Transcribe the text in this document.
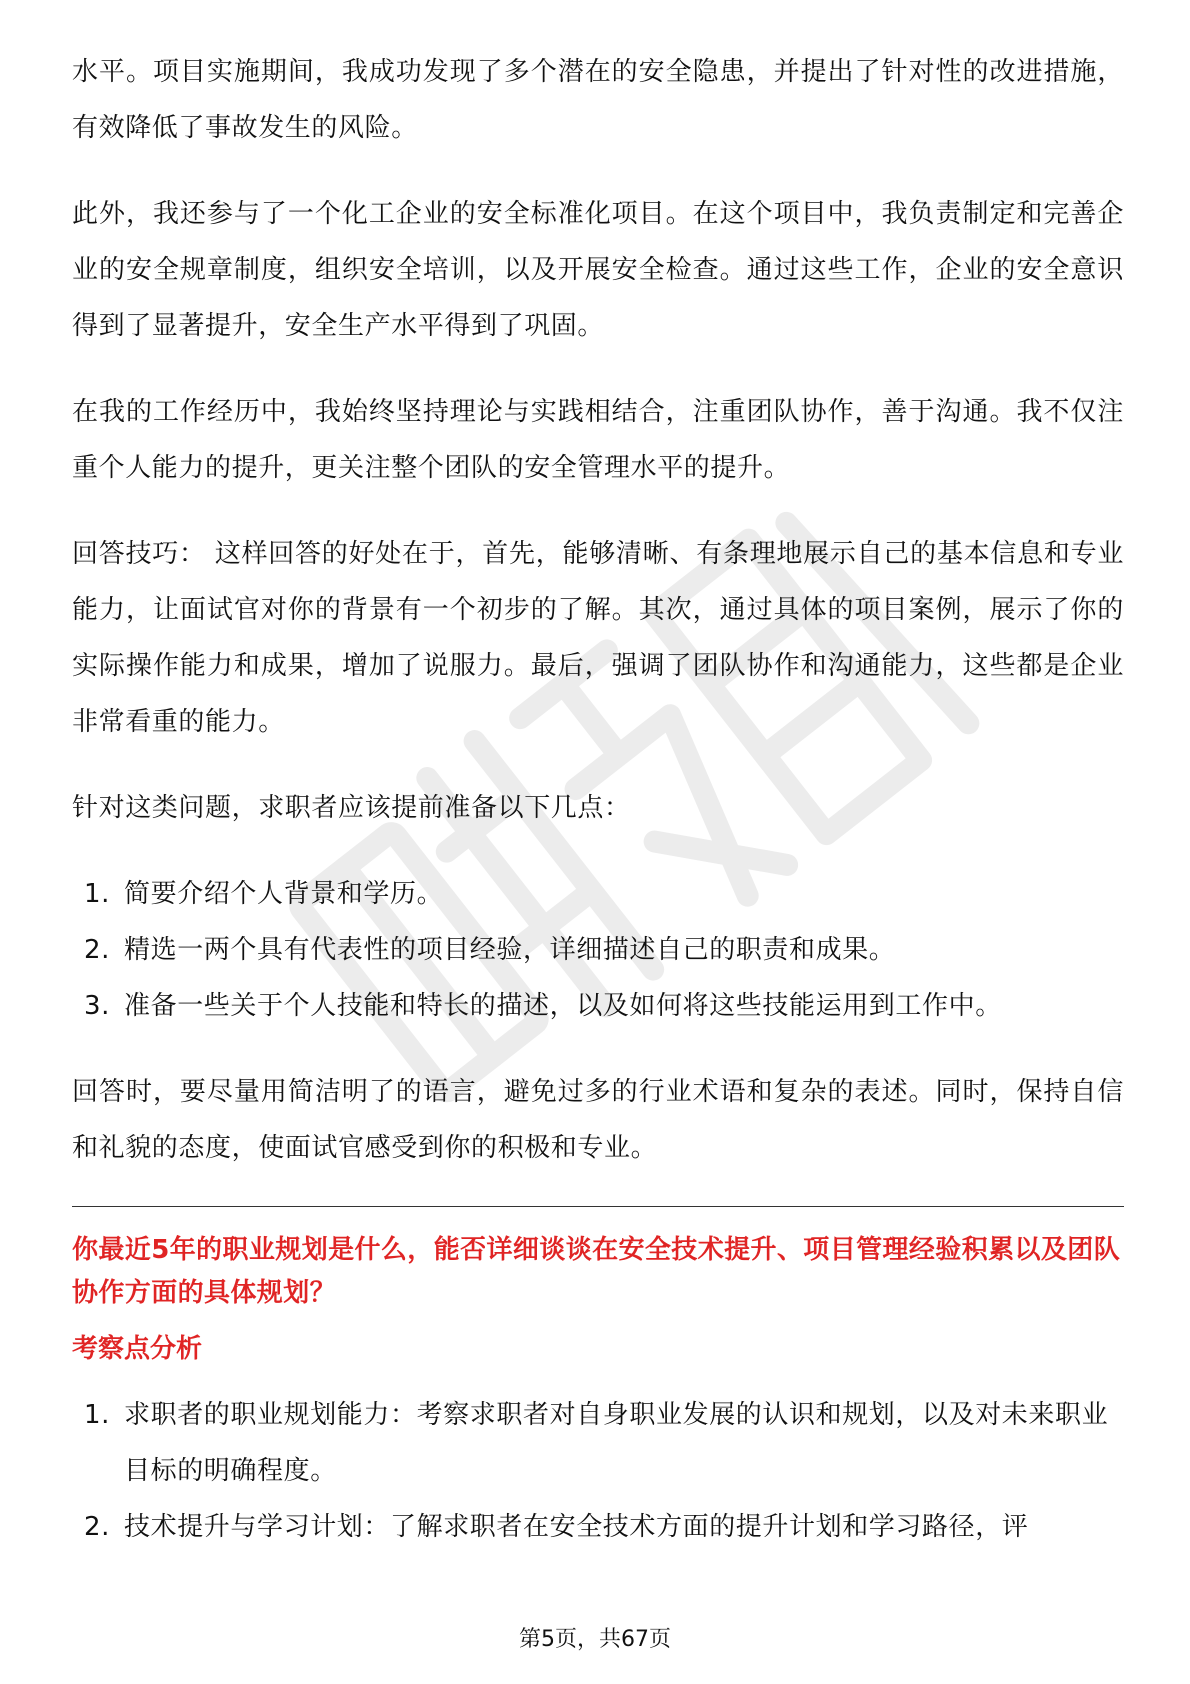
水平。项目实施期间，我成功发现了多个潜在的安全隐患，并提出了针对性的改进措施，有效降低了事故发生的风险。

此外，我还参与了一个化工企业的安全标准化项目。在这个项目中，我负责制定和完善企业的安全规章制度，组织安全培训，以及开展安全检查。通过这些工作，企业的安全意识得到了显著提升，安全生产水平得到了巩固。

在我的工作经历中，我始终坚持理论与实践相结合，注重团队协作，善于沟通。我不仅注重个人能力的提升，更关注整个团队的安全管理水平的提升。

回答技巧： 这样回答的好处在于，首先，能够清晰、有条理地展示自己的基本信息和专业能力，让面试官对你的背景有一个初步的了解。其次，通过具体的项目案例，展示了你的实际操作能力和成果，增加了说服力。最后，强调了团队协作和沟通能力，这些都是企业非常看重的能力。

针对这类问题，求职者应该提前准备以下几点：

1. 简要介绍个人背景和学历。
2. 精选一两个具有代表性的项目经验，详细描述自己的职责和成果。
3. 准备一些关于个人技能和特长的描述，以及如何将这些技能运用到工作中。

回答时，要尽量用简洁明了的语言，避免过多的行业术语和复杂的表述。同时，保持自信和礼貌的态度，使面试官感受到你的积极和专业。

你最近5年的职业规划是什么，能否详细谈谈在安全技术提升、项目管理经验积累以及团队协作方面的具体规划？
考察点分析
1. 求职者的职业规划能力：考察求职者对自身职业发展的认识和规划，以及对未来职业目标的明确程度。
2. 技术提升与学习计划：了解求职者在安全技术方面的提升计划和学习路径，评
第5页，共67页
